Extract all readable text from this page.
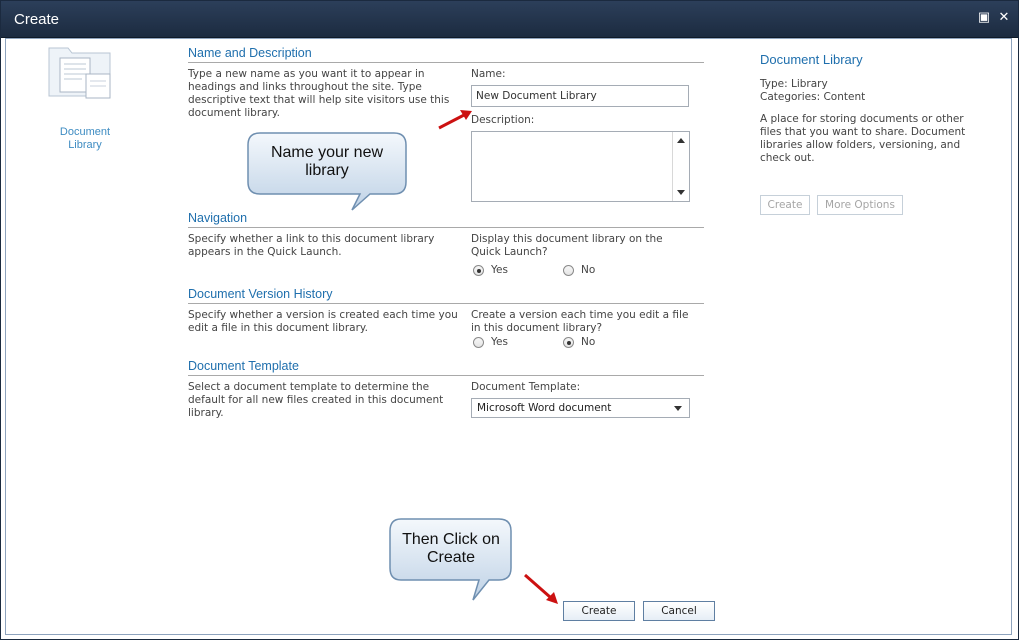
Create	▣ ✕
Document
Library
Name and Description
Type a new name as you want it to appear in headings and links throughout the site. Type descriptive text that will help site visitors use this document library.
Name:
New Document Library
Description:
Navigation
Specify whether a link to this document library appears in the Quick Launch.
Display this document library on the Quick Launch?
Yes	No
Document Version History
Specify whether a version is created each time you edit a file in this document library.
Create a version each time you edit a file in this document library?
Yes	No
Document Template
Select a document template to determine the default for all new files created in this document library.
Document Template:
Microsoft Word document
Document Library
Type: Library
Categories: Content
A place for storing documents or other files that you want to share. Document libraries allow folders, versioning, and check out.
Create	More Options
Create	Cancel
Name your new
library
Then Click on
Create
